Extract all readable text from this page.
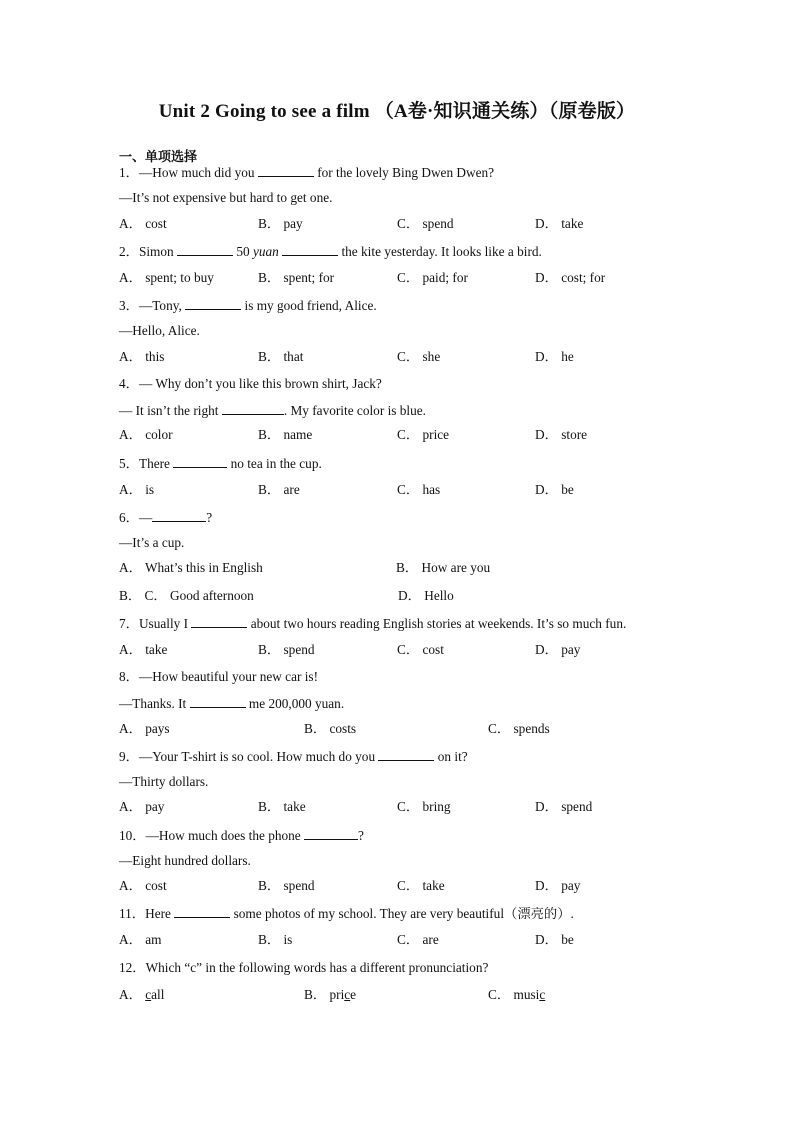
Unit 2 Going to see a film （A卷·知识通关练）（原卷版）
一、单项选择
1．—How much did you	for the lovely Bing Dwen Dwen?
—It’s not expensive but hard to get one.
A． cost	B． pay	C． spend	D． take
2．Simon	50 yuan	the kite yesterday. It looks like a bird.
A． spent; to buy	B． spent; for	C． paid; for	D． cost; for
3．—Tony,	is my good friend, Alice.
—Hello, Alice.
A． this	B． that	C． she	D． he
4．— Why don’t you like this brown shirt, Jack?
— It isn’t the right	. My favorite color is blue.
A． color	B． name	C． price	D． store
5．There	no tea in the cup.
A． is	B． are	C． has	D． be
6．—	?
—It’s a cup.
A． What’s this in English	B． How are you
B． C． Good afternoon	D． Hello
7．Usually I	about two hours reading English stories at weekends. It’s so much fun.
A． take	B． spend	C． cost	D． pay
8．—How beautiful your new car is!
—Thanks. It	me 200,000 yuan.
A． pays	B． costs	C． spends
9．—Your T-shirt is so cool. How much do you	on it?
—Thirty dollars.
A． pay	B． take	C． bring	D． spend
10．—How much does the phone	?
—Eight hundred dollars.
A． cost	B． spend	C． take	D． pay
11．Here	some photos of my school. They are very beautiful（漂亮的）.
A． am	B． is	C． are	D． be
12．Which “c” in the following words has a different pronunciation?
A． call	B． price	C． music
